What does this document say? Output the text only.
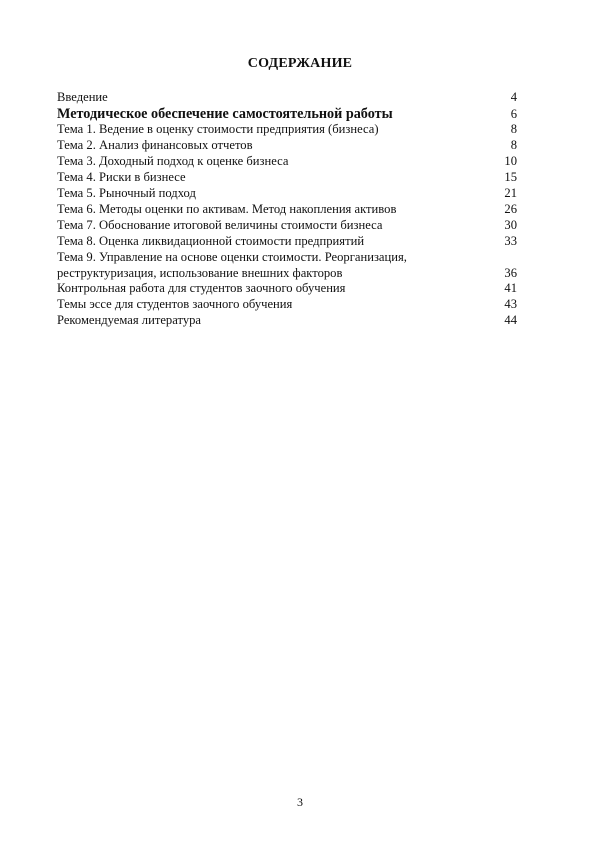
СОДЕРЖАНИЕ
Введение	4
Методическое обеспечение самостоятельной работы	6
Тема 1. Ведение в оценку стоимости предприятия (бизнеса)	8
Тема 2. Анализ финансовых отчетов	8
Тема 3. Доходный подход к оценке бизнеса	10
Тема 4. Риски в бизнесе	15
Тема 5. Рыночный подход	21
Тема 6. Методы оценки по активам. Метод накопления активов	26
Тема 7. Обоснование итоговой величины стоимости бизнеса	30
Тема 8. Оценка ликвидационной стоимости предприятий	33
Тема 9. Управление на основе оценки стоимости. Реорганизация,
реструктуризация, использование внешних факторов	36
Контрольная работа для студентов заочного обучения	41
Темы эссе для студентов заочного обучения	43
Рекомендуемая литература	44
3
